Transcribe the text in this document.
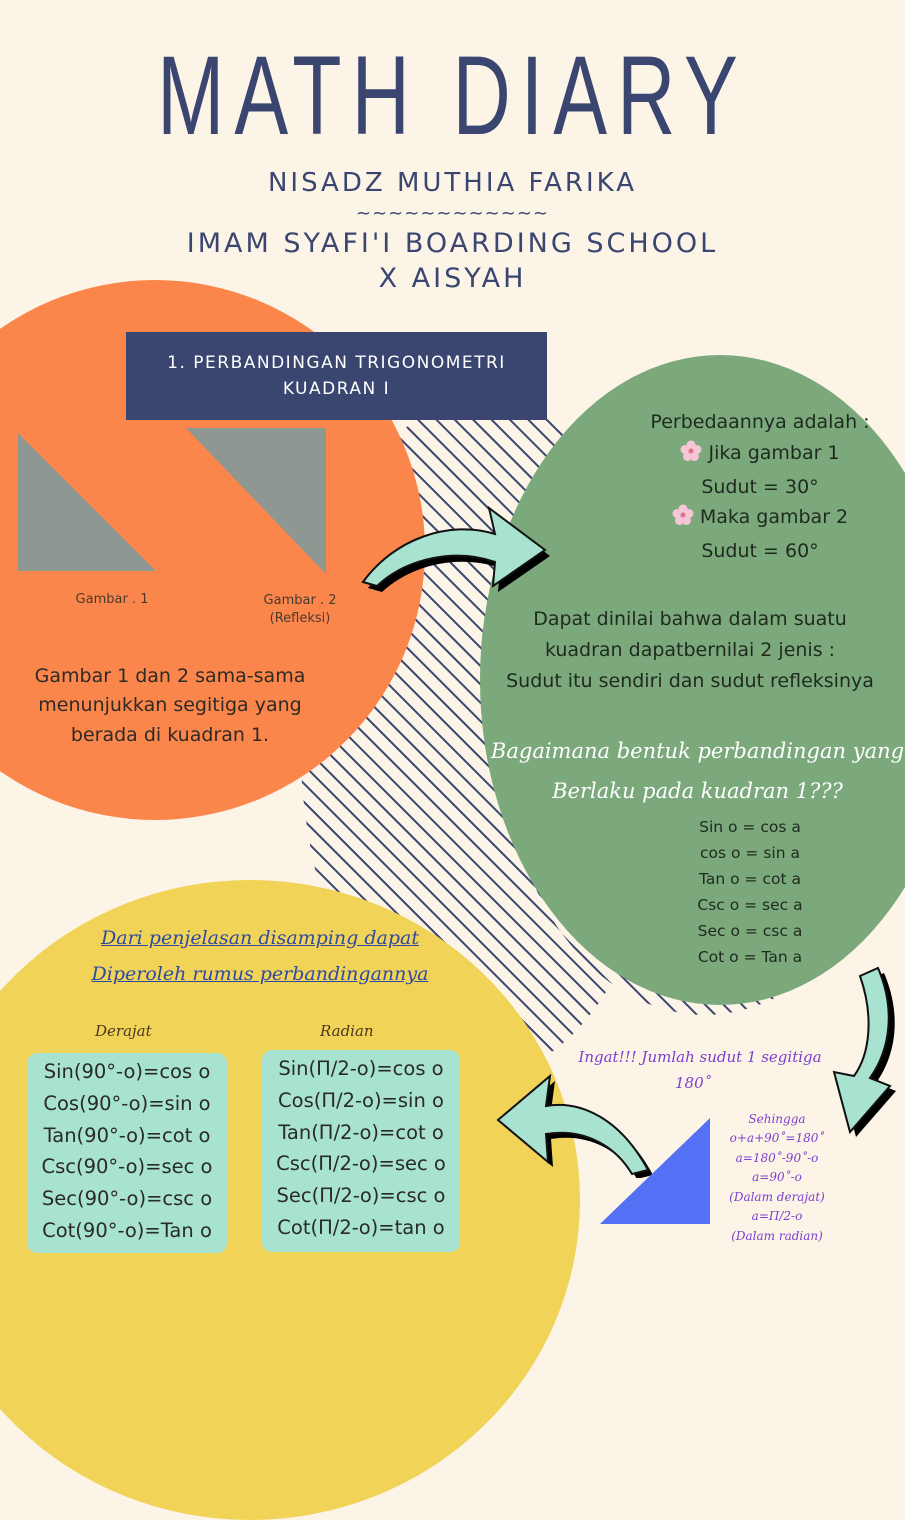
MATH DIARY
NISADZ MUTHIA FARIKA
~~~~~~~~~~~~
IMAM SYAFI'I BOARDING SCHOOL
X AISYAH
1. PERBANDINGAN TRIGONOMETRI
KUADRAN I
Gambar . 1	Gambar . 2
(Refleksi)
Gambar 1 dan 2 sama-sama
menunjukkan segitiga yang
berada di kuadran 1.
Perbedaannya adalah :
Jika gambar 1
Sudut = 30°
Maka gambar 2
Sudut = 60°
Dapat dinilai bahwa dalam suatu
kuadran dapatbernilai 2 jenis :
Sudut itu sendiri dan sudut refleksinya
Bagaimana bentuk perbandingan yang
Berlaku pada kuadran 1???
Sin o = cos a
cos o = sin a
Tan o = cot a
Csc o = sec a
Sec o = csc a
Cot o = Tan a
Dari penjelasan disamping dapat
Diperoleh rumus perbandingannya
Derajat	Radian
Sin(90°-o)=cos o
Cos(90°-o)=sin o
Tan(90°-o)=cot o
Csc(90°-o)=sec o
Sec(90°-o)=csc o
Cot(90°-o)=Tan o
Sin(Π/2-o)=cos o
Cos(Π/2-o)=sin o
Tan(Π/2-o)=cot o
Csc(Π/2-o)=sec o
Sec(Π/2-o)=csc o
Cot(Π/2-o)=tan o
Ingat!!! Jumlah sudut 1 segitiga
180˚
Sehingga
o+a+90˚=180˚
a=180˚-90˚-o
a=90˚-o
(Dalam derajat)
a=Π/2-o
(Dalam radian)
